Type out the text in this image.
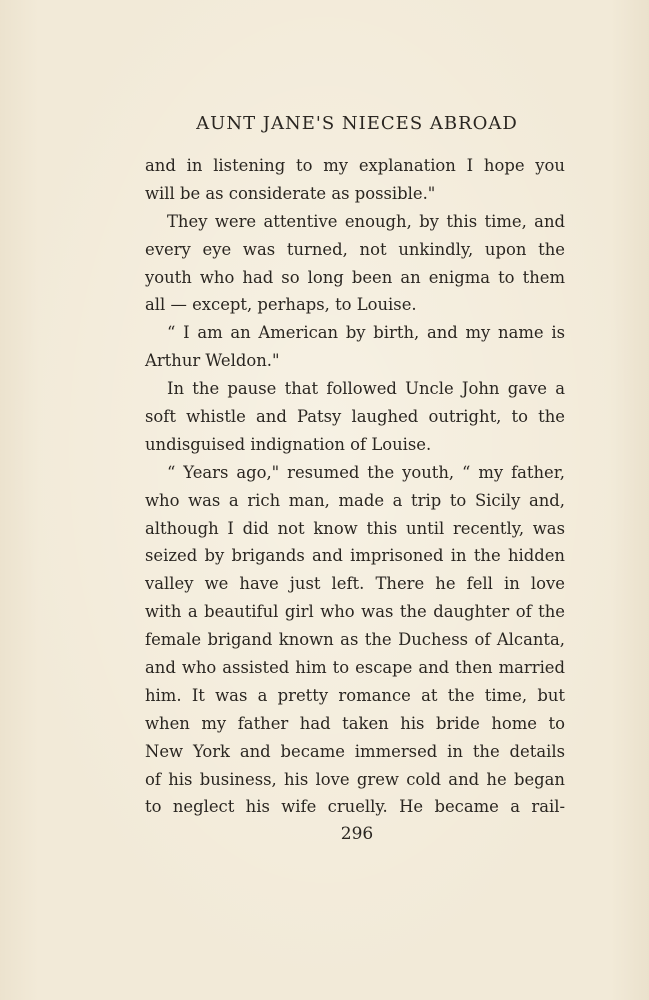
AUNT JANE'S NIECES ABROAD
and in listening to my explanation I hope you
will be as considerate as possible."
They were attentive enough, by this time, and
every eye was turned, not unkindly, upon the
youth who had so long been an enigma to them
all — except, perhaps, to Louise.
“ I am an American by birth, and my name is
Arthur Weldon."
In the pause that followed Uncle John gave a
soft whistle and Patsy laughed outright, to the
undisguised indignation of Louise.
“ Years ago," resumed the youth, “ my father,
who was a rich man, made a trip to Sicily and,
although I did not know this until recently, was
seized by brigands and imprisoned in the hidden
valley we have just left. There he fell in love
with a beautiful girl who was the daughter of the
female brigand known as the Duchess of Alcanta,
and who assisted him to escape and then married
him. It was a pretty romance at the time, but
when my father had taken his bride home to
New York and became immersed in the details
of his business, his love grew cold and he began
to neglect his wife cruelly. He became a rail-
296
